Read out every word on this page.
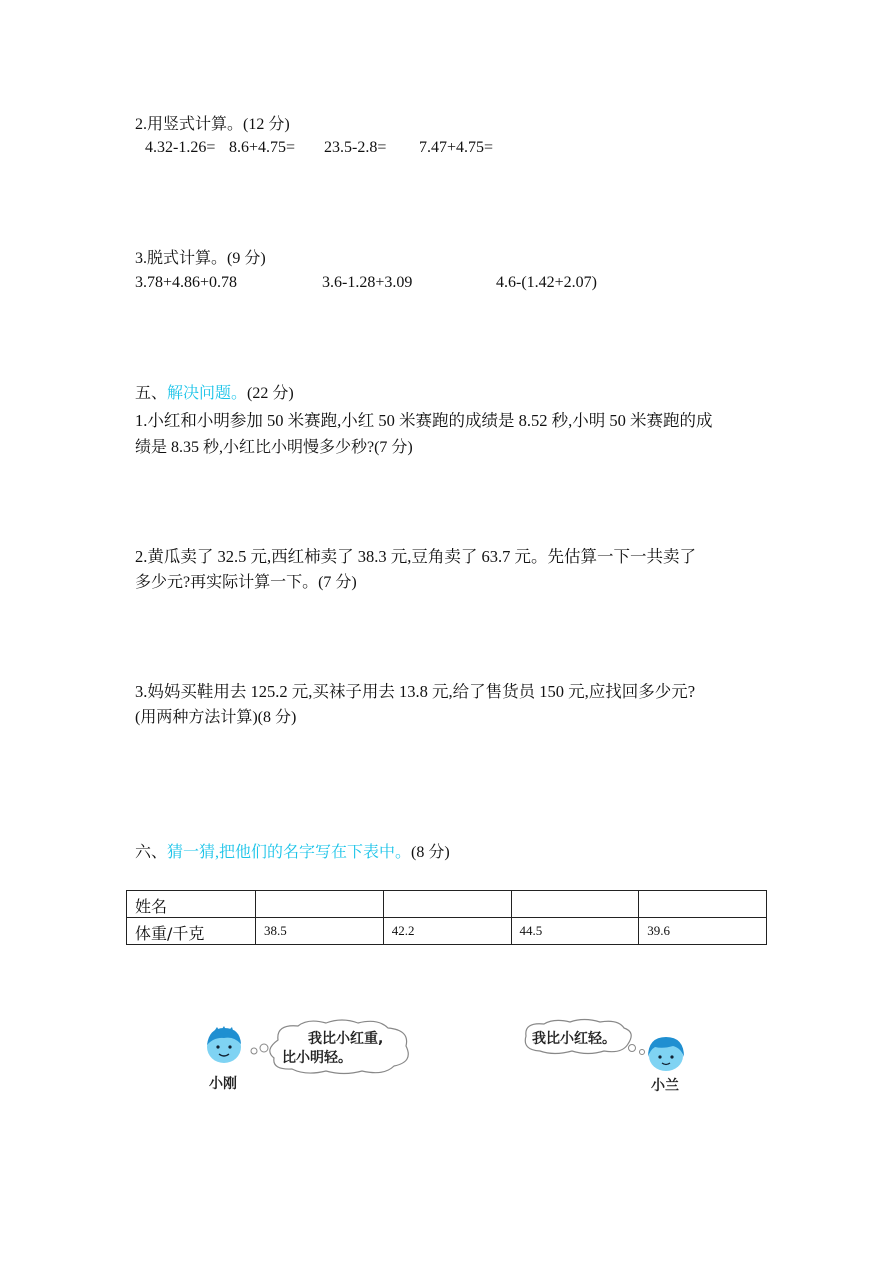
2.用竖式计算。(12 分)
4.32-1.26= 8.6+4.75= 23.5-2.8= 7.47+4.75=
3.脱式计算。(9 分)
3.78+4.86+0.78	3.6-1.28+3.09	4.6-(1.42+2.07)
五、解决问题。(22 分)
1.小红和小明参加 50 米赛跑,小红 50 米赛跑的成绩是 8.52 秒,小明 50 米赛跑的成
绩是 8.35 秒,小红比小明慢多少秒?(7 分)
2.黄瓜卖了 32.5 元,西红柿卖了 38.3 元,豆角卖了 63.7 元。先估算一下一共卖了
多少元?再实际计算一下。(7 分)
3.妈妈买鞋用去 125.2 元,买袜子用去 13.8 元,给了售货员 150 元,应找回多少元?
(用两种方法计算)(8 分)
六、猜一猜,把他们的名字写在下表中。(8 分)
姓名				
体重/千克	38.5	42.2	44.5	39.6
小刚
我比小红重,
比小明轻。
我比小红轻。
小兰
